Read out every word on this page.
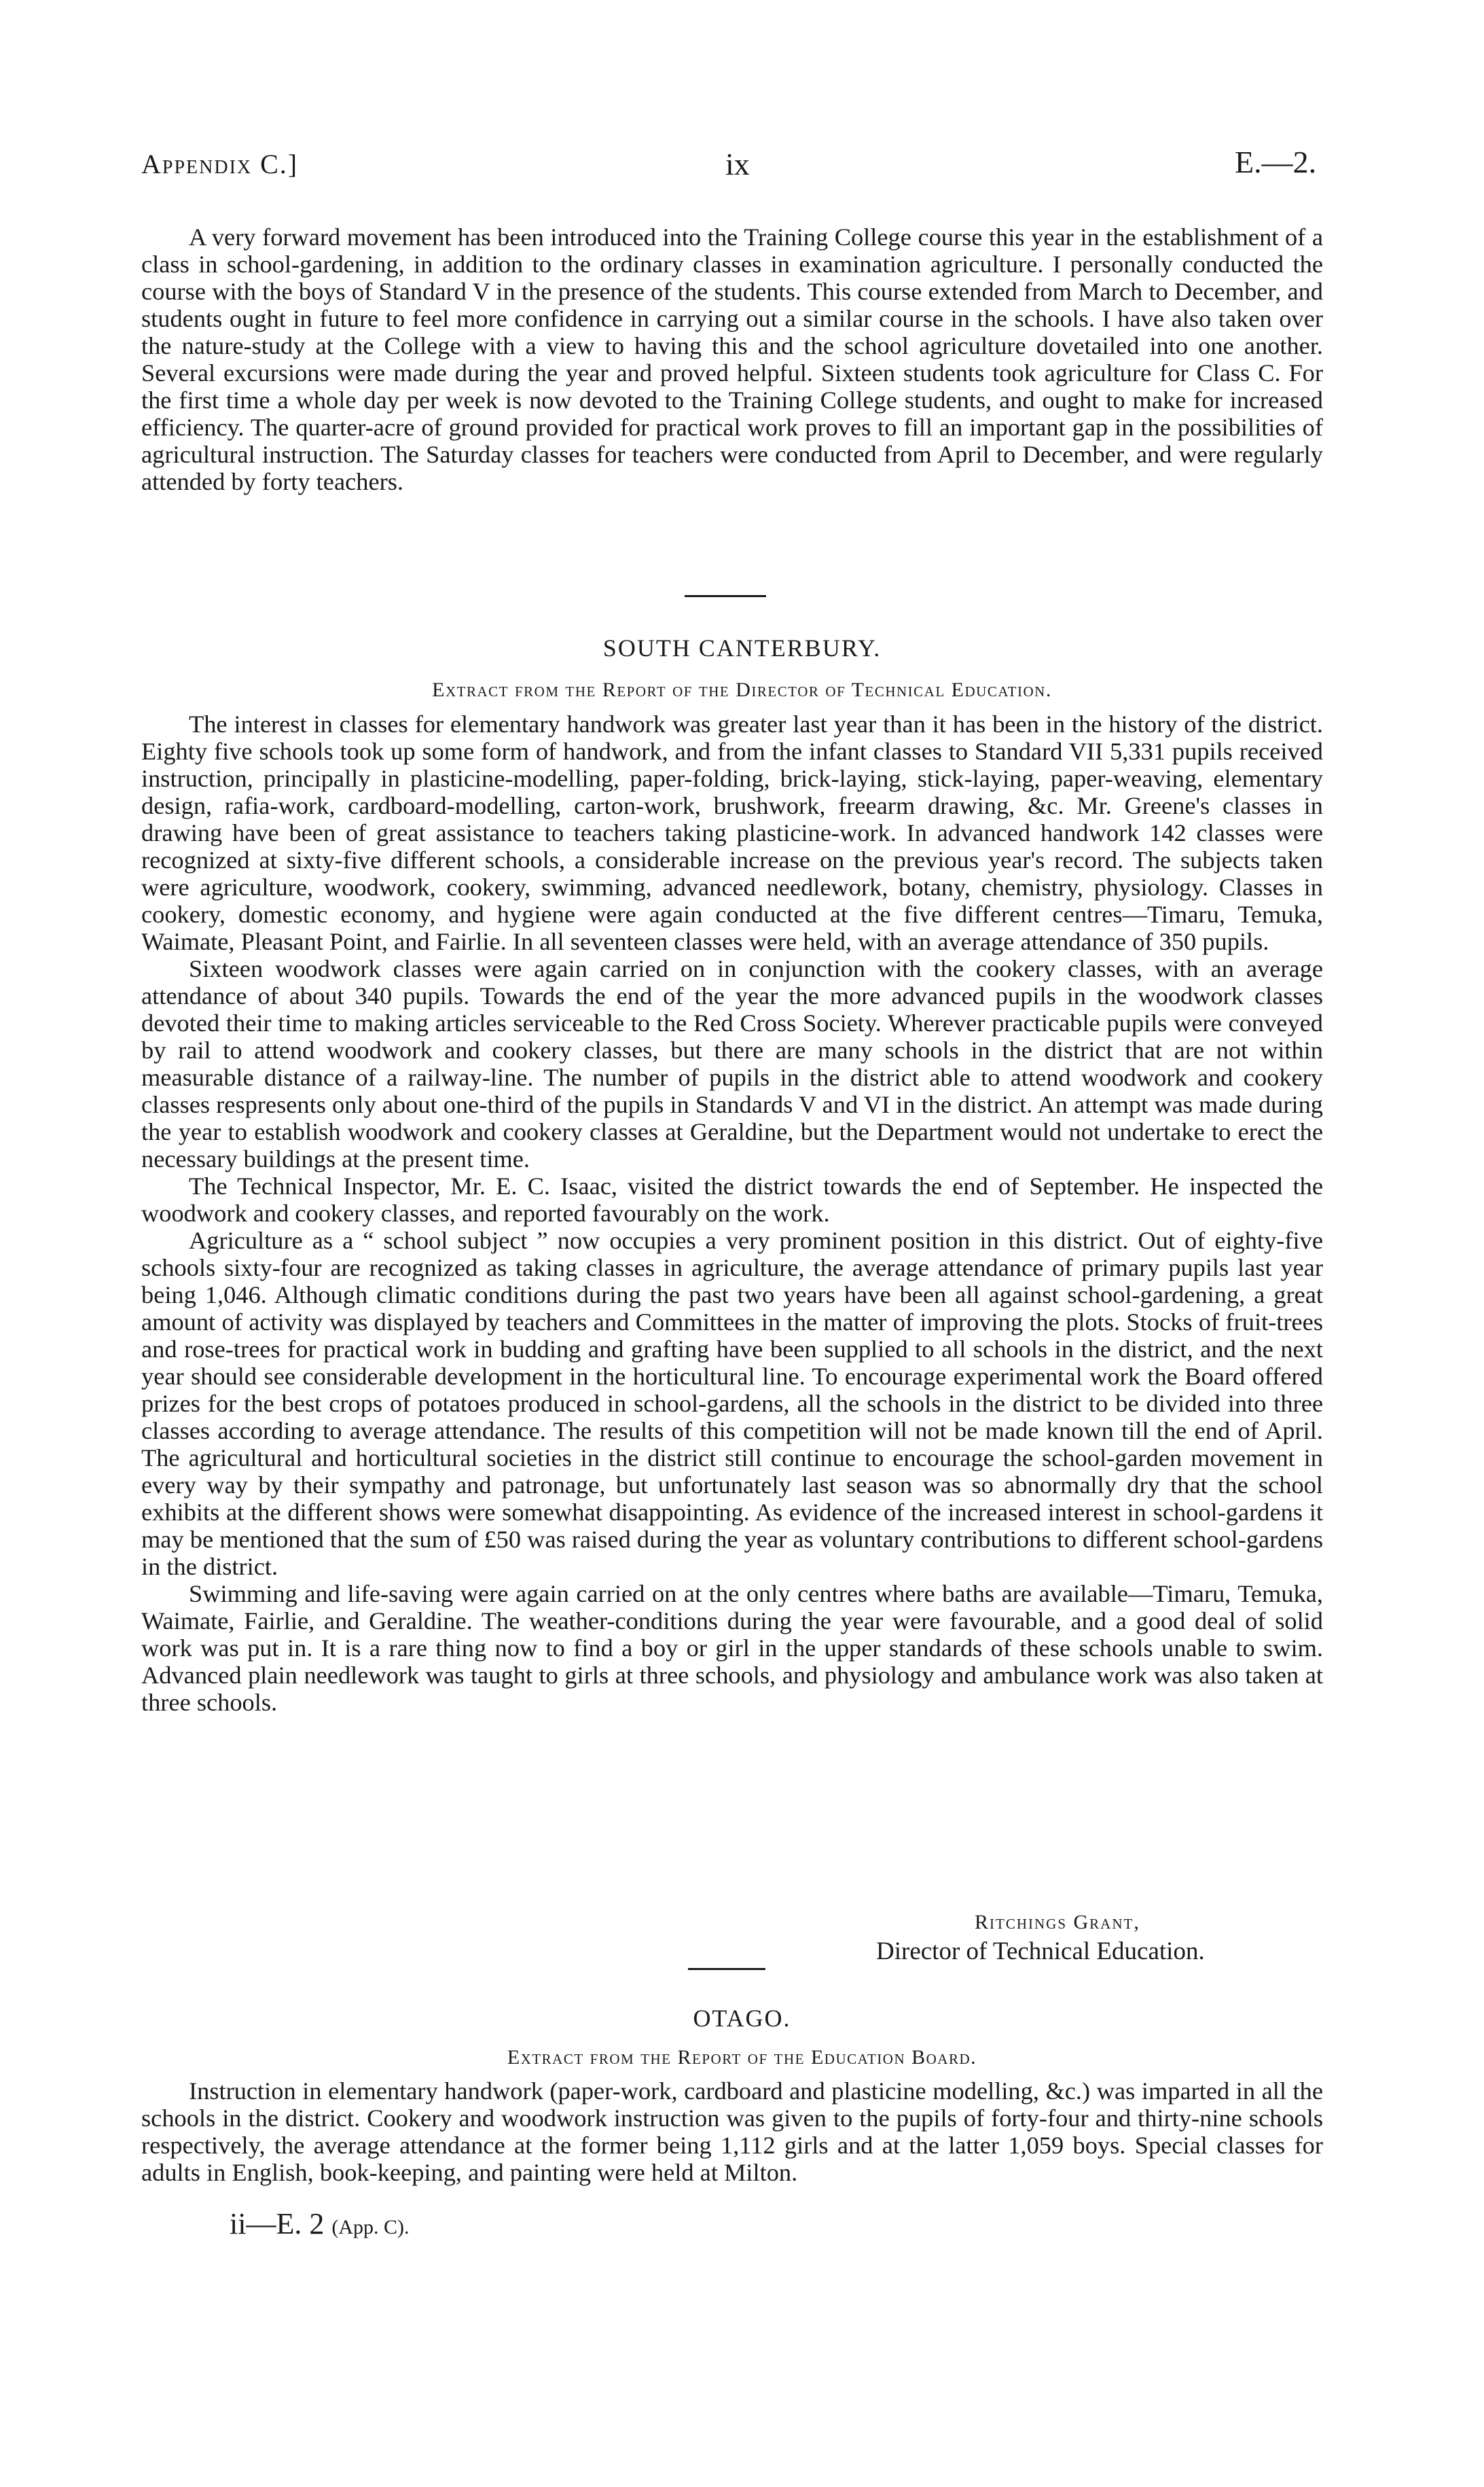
Appendix C.]	ix	E.—2.

A very forward movement has been introduced into the Training College course this year in the establishment of a class in school-gardening, in addition to the ordinary classes in examination agriculture. I personally conducted the course with the boys of Standard V in the presence of the students. This course extended from March to December, and students ought in future to feel more confidence in carrying out a similar course in the schools. I have also taken over the nature-study at the College with a view to having this and the school agriculture dovetailed into one another. Several excursions were made during the year and proved helpful. Sixteen students took agriculture for Class C. For the first time a whole day per week is now devoted to the Training College students, and ought to make for increased efficiency. The quarter-acre of ground provided for practical work proves to fill an important gap in the possibilities of agricultural instruction. The Saturday classes for teachers were conducted from April to December, and were regularly attended by forty teachers.

SOUTH CANTERBURY.
Extract from the Report of the Director of Technical Education.

The interest in classes for elementary handwork was greater last year than it has been in the history of the district. Eighty five schools took up some form of handwork, and from the infant classes to Standard VII 5,331 pupils received instruction, principally in plasticine-modelling, paper-folding, brick-laying, stick-laying, paper-weaving, elementary design, rafia-work, cardboard-modelling, carton-work, brushwork, freearm drawing, &c. Mr. Greene's classes in drawing have been of great assistance to teachers taking plasticine-work. In advanced handwork 142 classes were recognized at sixty-five different schools, a considerable increase on the previous year's record. The subjects taken were agriculture, woodwork, cookery, swimming, advanced needlework, botany, chemistry, physiology. Classes in cookery, domestic economy, and hygiene were again conducted at the five different centres—Timaru, Temuka, Waimate, Pleasant Point, and Fairlie. In all seventeen classes were held, with an average attendance of 350 pupils.

Sixteen woodwork classes were again carried on in conjunction with the cookery classes, with an average attendance of about 340 pupils. Towards the end of the year the more advanced pupils in the woodwork classes devoted their time to making articles serviceable to the Red Cross Society. Wherever practicable pupils were conveyed by rail to attend woodwork and cookery classes, but there are many schools in the district that are not within measurable distance of a railway-line. The number of pupils in the district able to attend woodwork and cookery classes respresents only about one-third of the pupils in Standards V and VI in the district. An attempt was made during the year to establish woodwork and cookery classes at Geraldine, but the Department would not undertake to erect the necessary buildings at the present time.

The Technical Inspector, Mr. E. C. Isaac, visited the district towards the end of September. He inspected the woodwork and cookery classes, and reported favourably on the work.

Agriculture as a “ school subject ” now occupies a very prominent position in this district. Out of eighty-five schools sixty-four are recognized as taking classes in agriculture, the average attendance of primary pupils last year being 1,046. Although climatic conditions during the past two years have been all against school-gardening, a great amount of activity was displayed by teachers and Committees in the matter of improving the plots. Stocks of fruit-trees and rose-trees for practical work in budding and grafting have been supplied to all schools in the district, and the next year should see considerable development in the horticultural line. To encourage experimental work the Board offered prizes for the best crops of potatoes produced in school-gardens, all the schools in the district to be divided into three classes according to average attendance. The results of this competition will not be made known till the end of April. The agricultural and horticultural societies in the district still continue to encourage the school-garden movement in every way by their sympathy and patronage, but unfortunately last season was so abnormally dry that the school exhibits at the different shows were somewhat disappointing. As evidence of the increased interest in school-gardens it may be mentioned that the sum of £50 was raised during the year as voluntary contributions to different school-gardens in the district.

Swimming and life-saving were again carried on at the only centres where baths are available—Timaru, Temuka, Waimate, Fairlie, and Geraldine. The weather-conditions during the year were favourable, and a good deal of solid work was put in. It is a rare thing now to find a boy or girl in the upper standards of these schools unable to swim. Advanced plain needlework was taught to girls at three schools, and physiology and ambulance work was also taken at three schools.

Ritchings Grant,
Director of Technical Education.
OTAGO.
Extract from the Report of the Education Board.

Instruction in elementary handwork (paper-work, cardboard and plasticine modelling, &c.) was imparted in all the schools in the district. Cookery and woodwork instruction was given to the pupils of forty-four and thirty-nine schools respectively, the average attendance at the former being 1,112 girls and at the latter 1,059 boys. Special classes for adults in English, book-keeping, and painting were held at Milton.

ii—E. 2 (App. C).
